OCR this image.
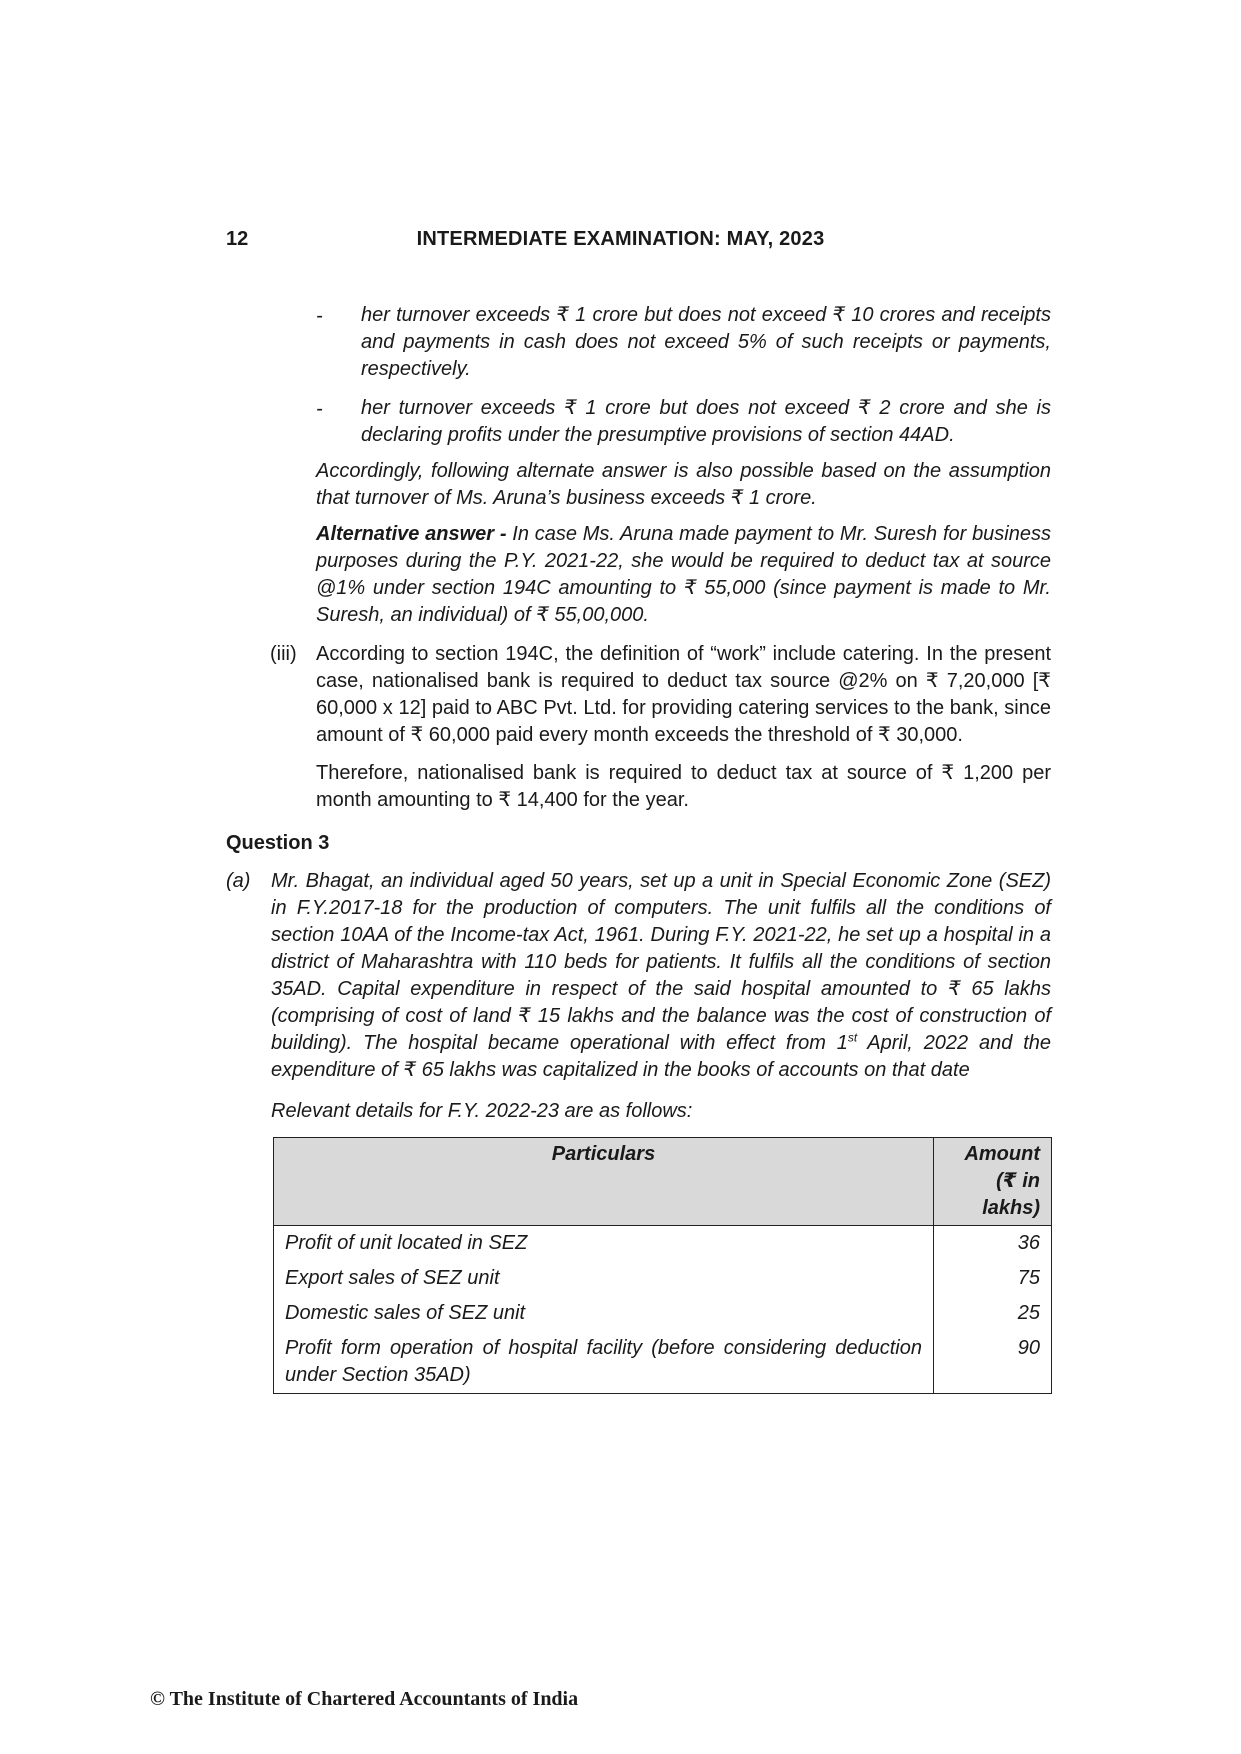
12	INTERMEDIATE EXAMINATION: MAY, 2023
- her turnover exceeds ₹ 1 crore but does not exceed ₹ 10 crores and receipts and payments in cash does not exceed 5% of such receipts or payments, respectively.
- her turnover exceeds ₹ 1 crore but does not exceed ₹ 2 crore and she is declaring profits under the presumptive provisions of section 44AD.
Accordingly, following alternate answer is also possible based on the assumption that turnover of Ms. Aruna’s business exceeds ₹ 1 crore.
Alternative answer - In case Ms. Aruna made payment to Mr. Suresh for business purposes during the P.Y. 2021-22, she would be required to deduct tax at source @1% under section 194C amounting to ₹ 55,000 (since payment is made to Mr. Suresh, an individual) of ₹ 55,00,000.
(iii) According to section 194C, the definition of “work” include catering. In the present case, nationalised bank is required to deduct tax source @2% on ₹ 7,20,000 [₹ 60,000 x 12] paid to ABC Pvt. Ltd. for providing catering services to the bank, since amount of ₹ 60,000 paid every month exceeds the threshold of ₹ 30,000.
Therefore, nationalised bank is required to deduct tax at source of ₹ 1,200 per month amounting to ₹ 14,400 for the year.
Question 3
(a) Mr. Bhagat, an individual aged 50 years, set up a unit in Special Economic Zone (SEZ) in F.Y.2017-18 for the production of computers. The unit fulfils all the conditions of section 10AA of the Income-tax Act, 1961. During F.Y. 2021-22, he set up a hospital in a district of Maharashtra with 110 beds for patients. It fulfils all the conditions of section 35AD. Capital expenditure in respect of the said hospital amounted to ₹ 65 lakhs (comprising of cost of land ₹ 15 lakhs and the balance was the cost of construction of building). The hospital became operational with effect from 1st April, 2022 and the expenditure of ₹ 65 lakhs was capitalized in the books of accounts on that date
Relevant details for F.Y. 2022-23 are as follows:
Particulars	Amount
(₹ in lakhs)
Profit of unit located in SEZ	36
Export sales of SEZ unit	75
Domestic sales of SEZ unit	25
Profit form operation of hospital facility (before considering deduction under Section 35AD)	90
© The Institute of Chartered Accountants of India
